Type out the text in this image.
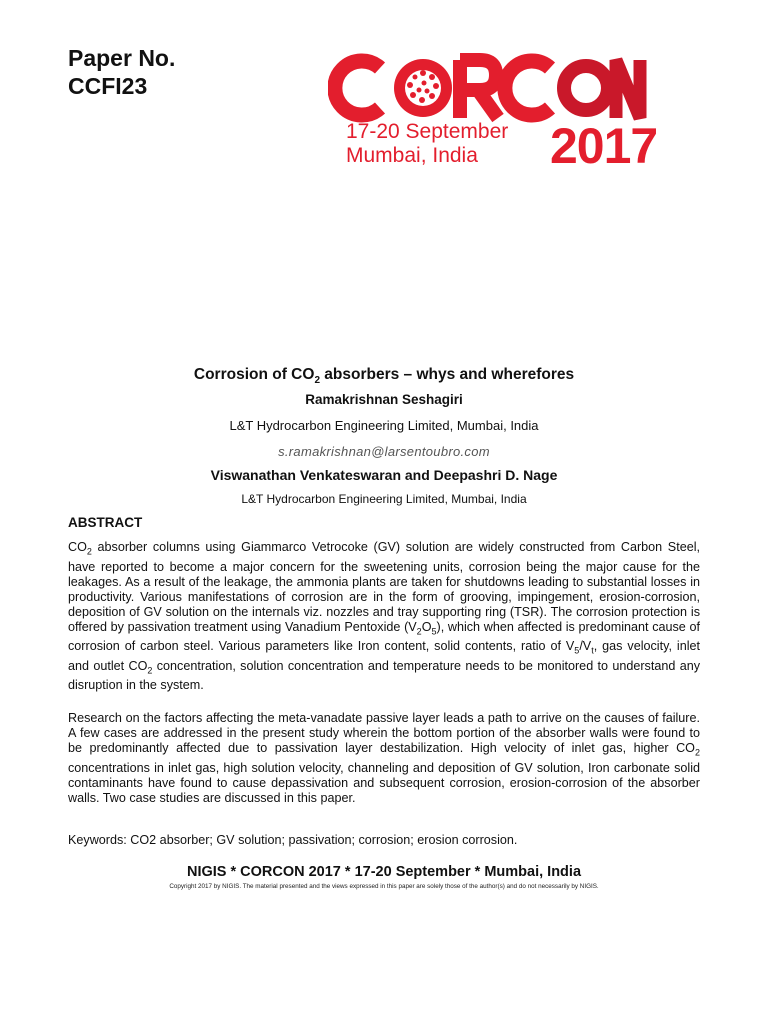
Paper No.
CCFI23
17-20 September
Mumbai, India	2017
Corrosion of $CO_2$ absorbers – whys and wherefores
Ramakrishnan Seshagiri
L&T Hydrocarbon Engineering Limited, Mumbai, India
s.ramakrishnan@larsentoubro.com
Viswanathan Venkateswaran and Deepashri D. Nage
L&T Hydrocarbon Engineering Limited, Mumbai, India
ABSTRACT

$CO_2$ absorber columns using Giammarco Vetrocoke (GV) solution are widely constructed from Carbon Steel, have reported to become a major concern for the sweetening units, corrosion being the major cause for the leakages. As a result of the leakage, the ammonia plants are taken for shutdowns leading to substantial losses in productivity. Various manifestations of corrosion are in the form of grooving, impingement, erosion-corrosion, deposition of GV solution on the internals viz. nozzles and tray supporting ring (TSR). The corrosion protection is offered by passivation treatment using Vanadium Pentoxide $(V_2O_5)$, which when affected is predominant cause of corrosion of carbon steel. Various parameters like Iron content, solid contents, ratio of $V_5/V_t$, gas velocity, inlet and outlet $CO_2$ concentration, solution concentration and temperature needs to be monitored to understand any disruption in the system.

Research on the factors affecting the meta-vanadate passive layer leads a path to arrive on the causes of failure. A few cases are addressed in the present study wherein the bottom portion of the absorber walls were found to be predominantly affected due to passivation layer destabilization. High velocity of inlet gas, higher $CO_2$ concentrations in inlet gas, high solution velocity, channeling and deposition of GV solution, Iron carbonate solid contaminants have found to cause depassivation and subsequent corrosion, erosion-corrosion of the absorber walls. Two case studies are discussed in this paper.

Keywords: CO2 absorber; GV solution; passivation; corrosion; erosion corrosion.
NIGIS * CORCON 2017 * 17-20 September * Mumbai, India
Copyright 2017 by NIGIS. The material presented and the views expressed in this paper are solely those of the author(s) and do not necessarily by NIGIS.
